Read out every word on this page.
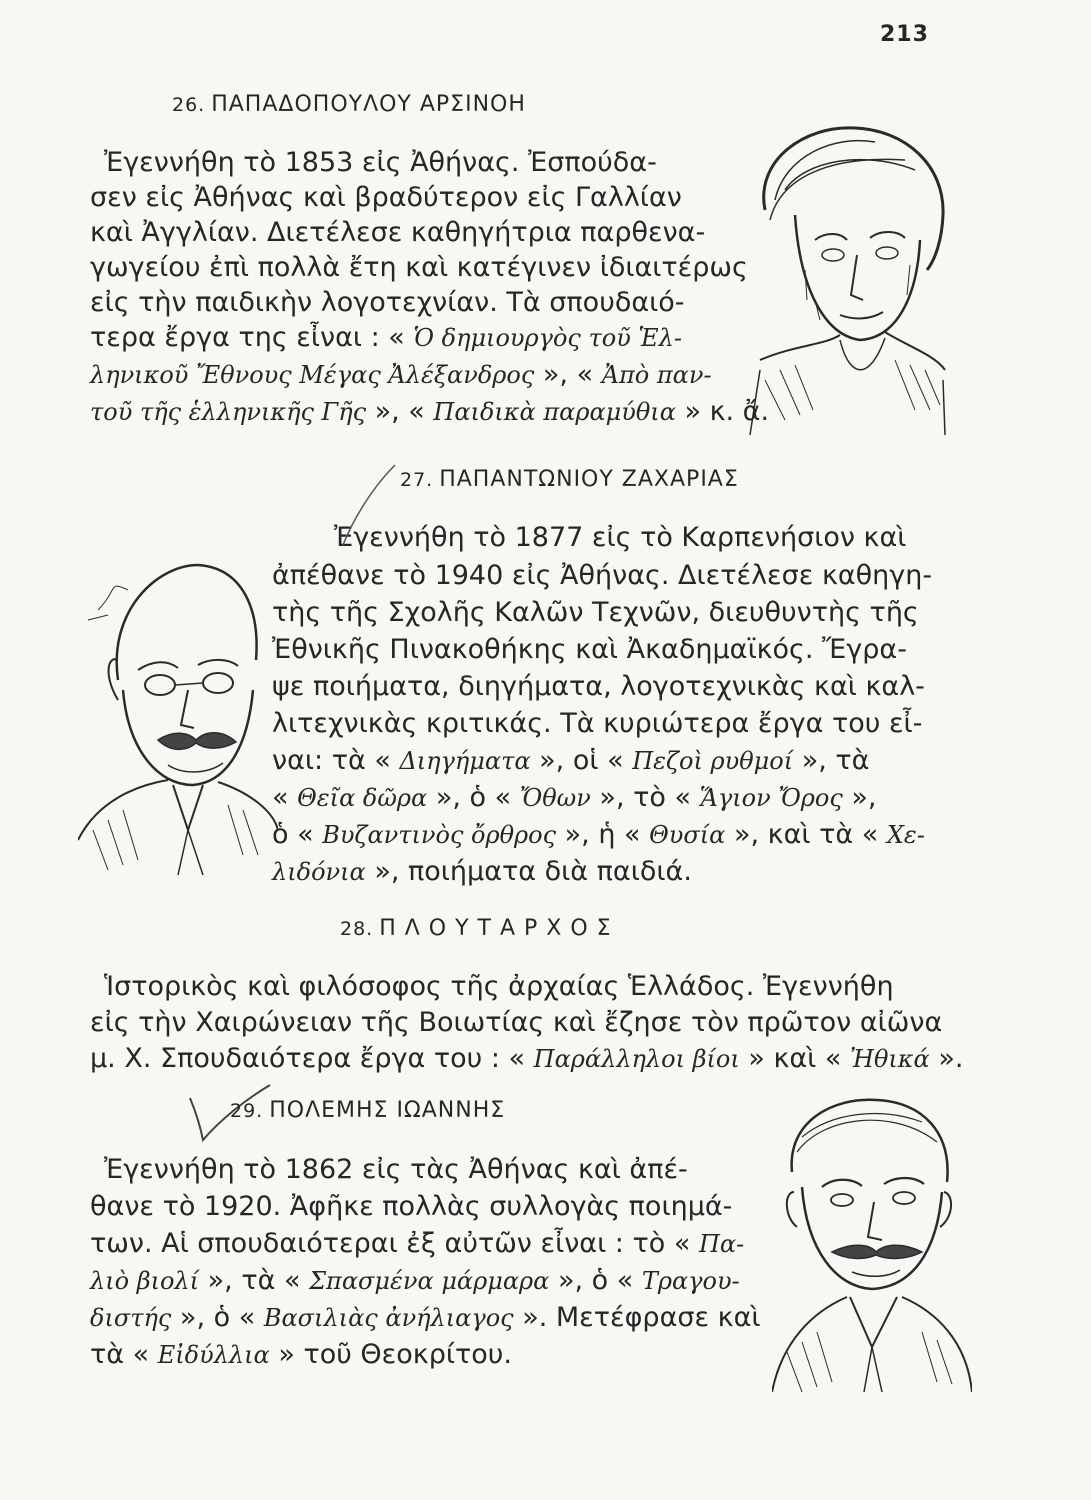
213
26. ΠΑΠΑΔΟΠΟΥΛΟΥ ΑΡΣΙΝΟΗ
Ἐγεννήθη τὸ 1853 εἰς Ἀθήνας. Ἐσπούδα-
σεν εἰς Ἀθήνας καὶ βραδύτερον εἰς Γαλλίαν
καὶ Ἀγγλίαν. Διετέλεσε καθηγήτρια παρθενα-
γωγείου ἐπὶ πολλὰ ἔτη καὶ κατέγινεν ἰδιαιτέρως
εἰς τὴν παιδικὴν λογοτεχνίαν. Τὰ σπουδαιό-
τερα ἔργα της εἶναι : « Ὁ δημιουργὸς τοῦ Ἑλ-
ληνικοῦ Ἔθνους Μέγας Ἀλέξανδρος », « Ἀπὸ παν-
τοῦ τῆς ἑλληνικῆς Γῆς », « Παιδικὰ παραμύθια » κ. ἄ.
27. ΠΑΠΑΝΤΩΝΙΟΥ ΖΑΧΑΡΙΑΣ
Ἐγεννήθη τὸ 1877 εἰς τὸ Καρπενήσιον καὶ
ἀπέθανε τὸ 1940 εἰς Ἀθήνας. Διετέλεσε καθηγη-
τὴς τῆς Σχολῆς Καλῶν Τεχνῶν, διευθυντὴς τῆς
Ἐθνικῆς Πινακοθήκης καὶ Ἀκαδημαϊκός. Ἔγρα-
ψε ποιήματα, διηγήματα, λογοτεχνικὰς καὶ καλ-
λιτεχνικὰς κριτικάς. Τὰ κυριώτερα ἔργα του εἶ-
ναι: τὰ « Διηγήματα », οἱ « Πεζοὶ ρυθμοί », τὰ
« Θεῖα δῶρα », ὁ « Ὄθων », τὸ « Ἅγιον Ὄρος »,
ὁ « Βυζαντινὸς ὄρθρος », ἡ « Θυσία », καὶ τὰ « Χε-
λιδόνια », ποιήματα διὰ παιδιά.
28. Π Λ Ο Υ Τ Α Ρ Χ Ο Σ
Ἱστορικὸς καὶ φιλόσοφος τῆς ἀρχαίας Ἑλλάδος. Ἐγεννήθη
εἰς τὴν Χαιρώνειαν τῆς Βοιωτίας καὶ ἔζησε τὸν πρῶτον αἰῶνα
μ. Χ. Σπουδαιότερα ἔργα του : « Παράλληλοι βίοι » καὶ « Ἠθικά ».
29. ΠΟΛΕΜΗΣ ΙΩΑΝΝΗΣ
Ἐγεννήθη τὸ 1862 εἰς τὰς Ἀθήνας καὶ ἀπέ-
θανε τὸ 1920. Ἀφῆκε πολλὰς συλλογὰς ποιημά-
των. Αἱ σπουδαιότεραι ἐξ αὐτῶν εἶναι : τὸ « Πα-
λιὸ βιολί », τὰ « Σπασμένα μάρμαρα », ὁ « Τραγου-
διστής », ὁ « Βασιλιὰς ἀνήλιαγος ». Μετέφρασε καὶ
τὰ « Εἰδύλλια » τοῦ Θεοκρίτου.
